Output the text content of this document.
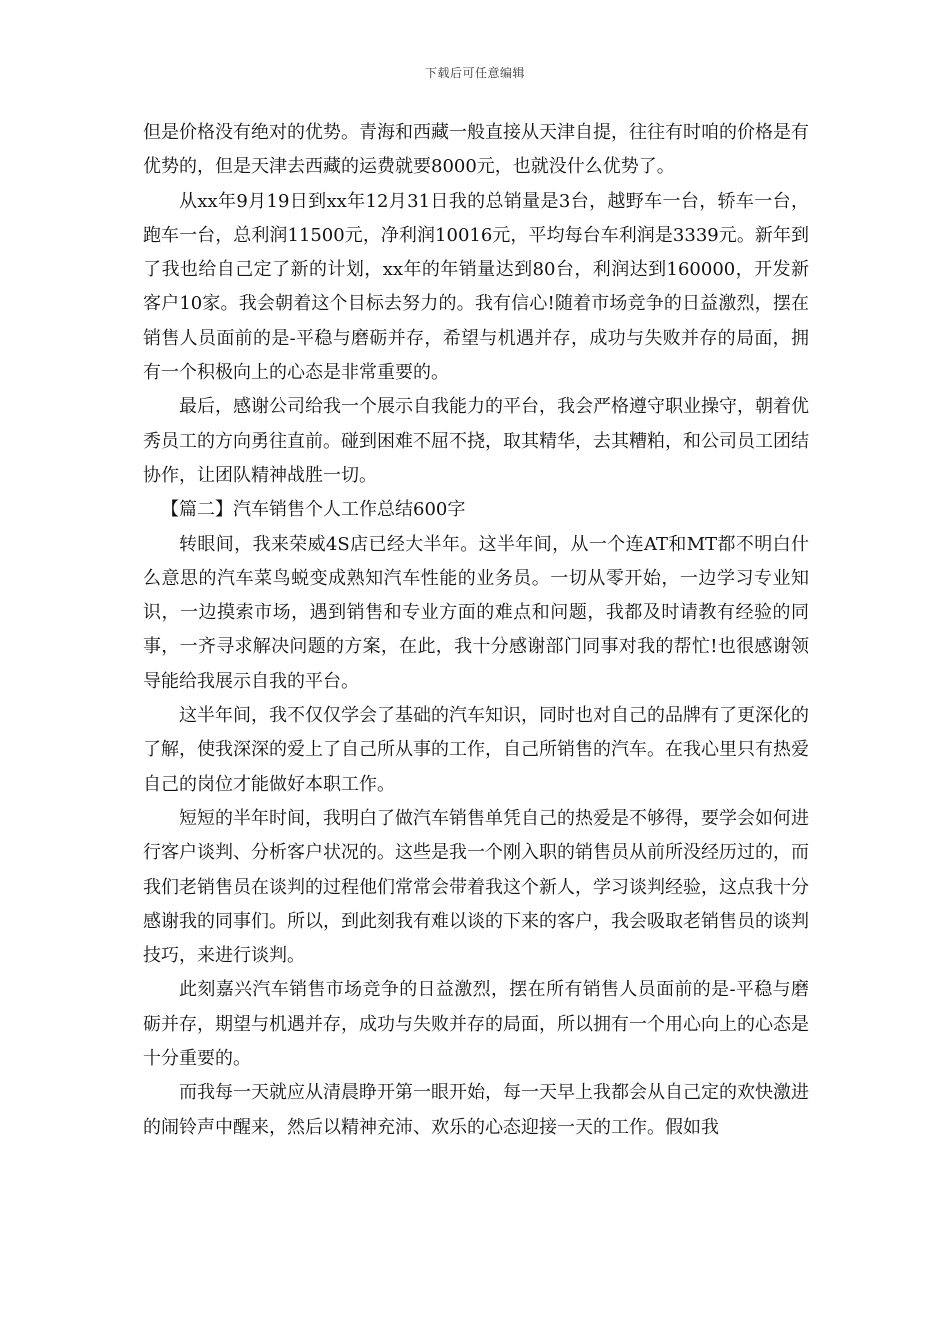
下载后可任意编辑

但是价格没有绝对的优势。青海和西藏一般直接从天津自提，往往有时咱的价格是有优势的，但是天津去西藏的运费就要8000元，也就没什么优势了。

从xx年9月19日到xx年12月31日我的总销量是3台，越野车一台，轿车一台，跑车一台，总利润11500元，净利润10016元，平均每台车利润是3339元。新年到了我也给自己定了新的计划，xx年的年销量达到80台，利润达到160000，开发新客户10家。我会朝着这个目标去努力的。我有信心!随着市场竞争的日益激烈，摆在销售人员面前的是-平稳与磨砺并存，希望与机遇并存，成功与失败并存的局面，拥有一个积极向上的心态是非常重要的。

最后，感谢公司给我一个展示自我能力的平台，我会严格遵守职业操守，朝着优秀员工的方向勇往直前。碰到困难不屈不挠，取其精华，去其糟粕，和公司员工团结协作，让团队精神战胜一切。

【篇二】汽车销售个人工作总结600字

转眼间，我来荣威4S店已经大半年。这半年间，从一个连AT和MT都不明白什么意思的汽车菜鸟蜕变成熟知汽车性能的业务员。一切从零开始，一边学习专业知识，一边摸索市场，遇到销售和专业方面的难点和问题，我都及时请教有经验的同事，一齐寻求解决问题的方案，在此，我十分感谢部门同事对我的帮忙!也很感谢领导能给我展示自我的平台。

这半年间，我不仅仅学会了基础的汽车知识，同时也对自己的品牌有了更深化的了解，使我深深的爱上了自己所从事的工作，自己所销售的汽车。在我心里只有热爱自己的岗位才能做好本职工作。

短短的半年时间，我明白了做汽车销售单凭自己的热爱是不够得，要学会如何进行客户谈判、分析客户状况的。这些是我一个刚入职的销售员从前所没经历过的，而我们老销售员在谈判的过程他们常常会带着我这个新人，学习谈判经验，这点我十分感谢我的同事们。所以，到此刻我有难以谈的下来的客户，我会吸取老销售员的谈判技巧，来进行谈判。

此刻嘉兴汽车销售市场竞争的日益激烈，摆在所有销售人员面前的是-平稳与磨砺并存，期望与机遇并存，成功与失败并存的局面，所以拥有一个用心向上的心态是十分重要的。

而我每一天就应从清晨睁开第一眼开始，每一天早上我都会从自己定的欢快激进的闹铃声中醒来，然后以精神充沛、欢乐的心态迎接一天的工作。假如我
